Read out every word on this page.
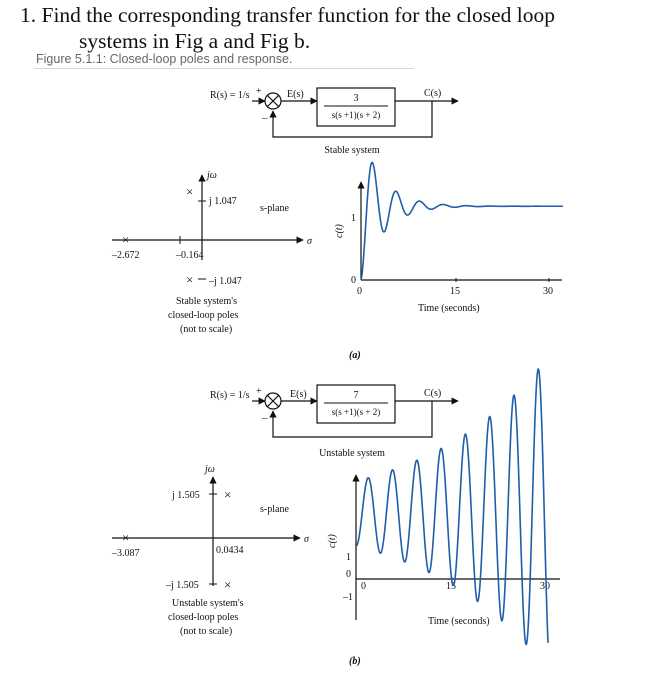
1. Find the corresponding transfer function for the closed loop
systems in Fig a and Fig b.
Figure 5.1.1: Closed-loop poles and response.
R(s) = 1/s +
–
E(s)	3
s(s +1)(s + 2)
C(s)
Stable system
jω
σ
s-plane
×
×
×
j 1.047
–j 1.047
–2.672	–0.164
Stable system's
closed-loop poles
(not to scale)
c(t)
1
0
0	15	30
Time (seconds)
(a)
R(s) = 1/s +
–
E(s)	7
s(s +1)(s + 2)
C(s)
Unstable system
jω
σ
s-plane
×
×
×
j 1.505
–j 1.505
–3.087	0.0434
Unstable system's
closed-loop poles
(not to scale)
c(t)
1
0
–1
0	15	30
Time (seconds)
(b)
